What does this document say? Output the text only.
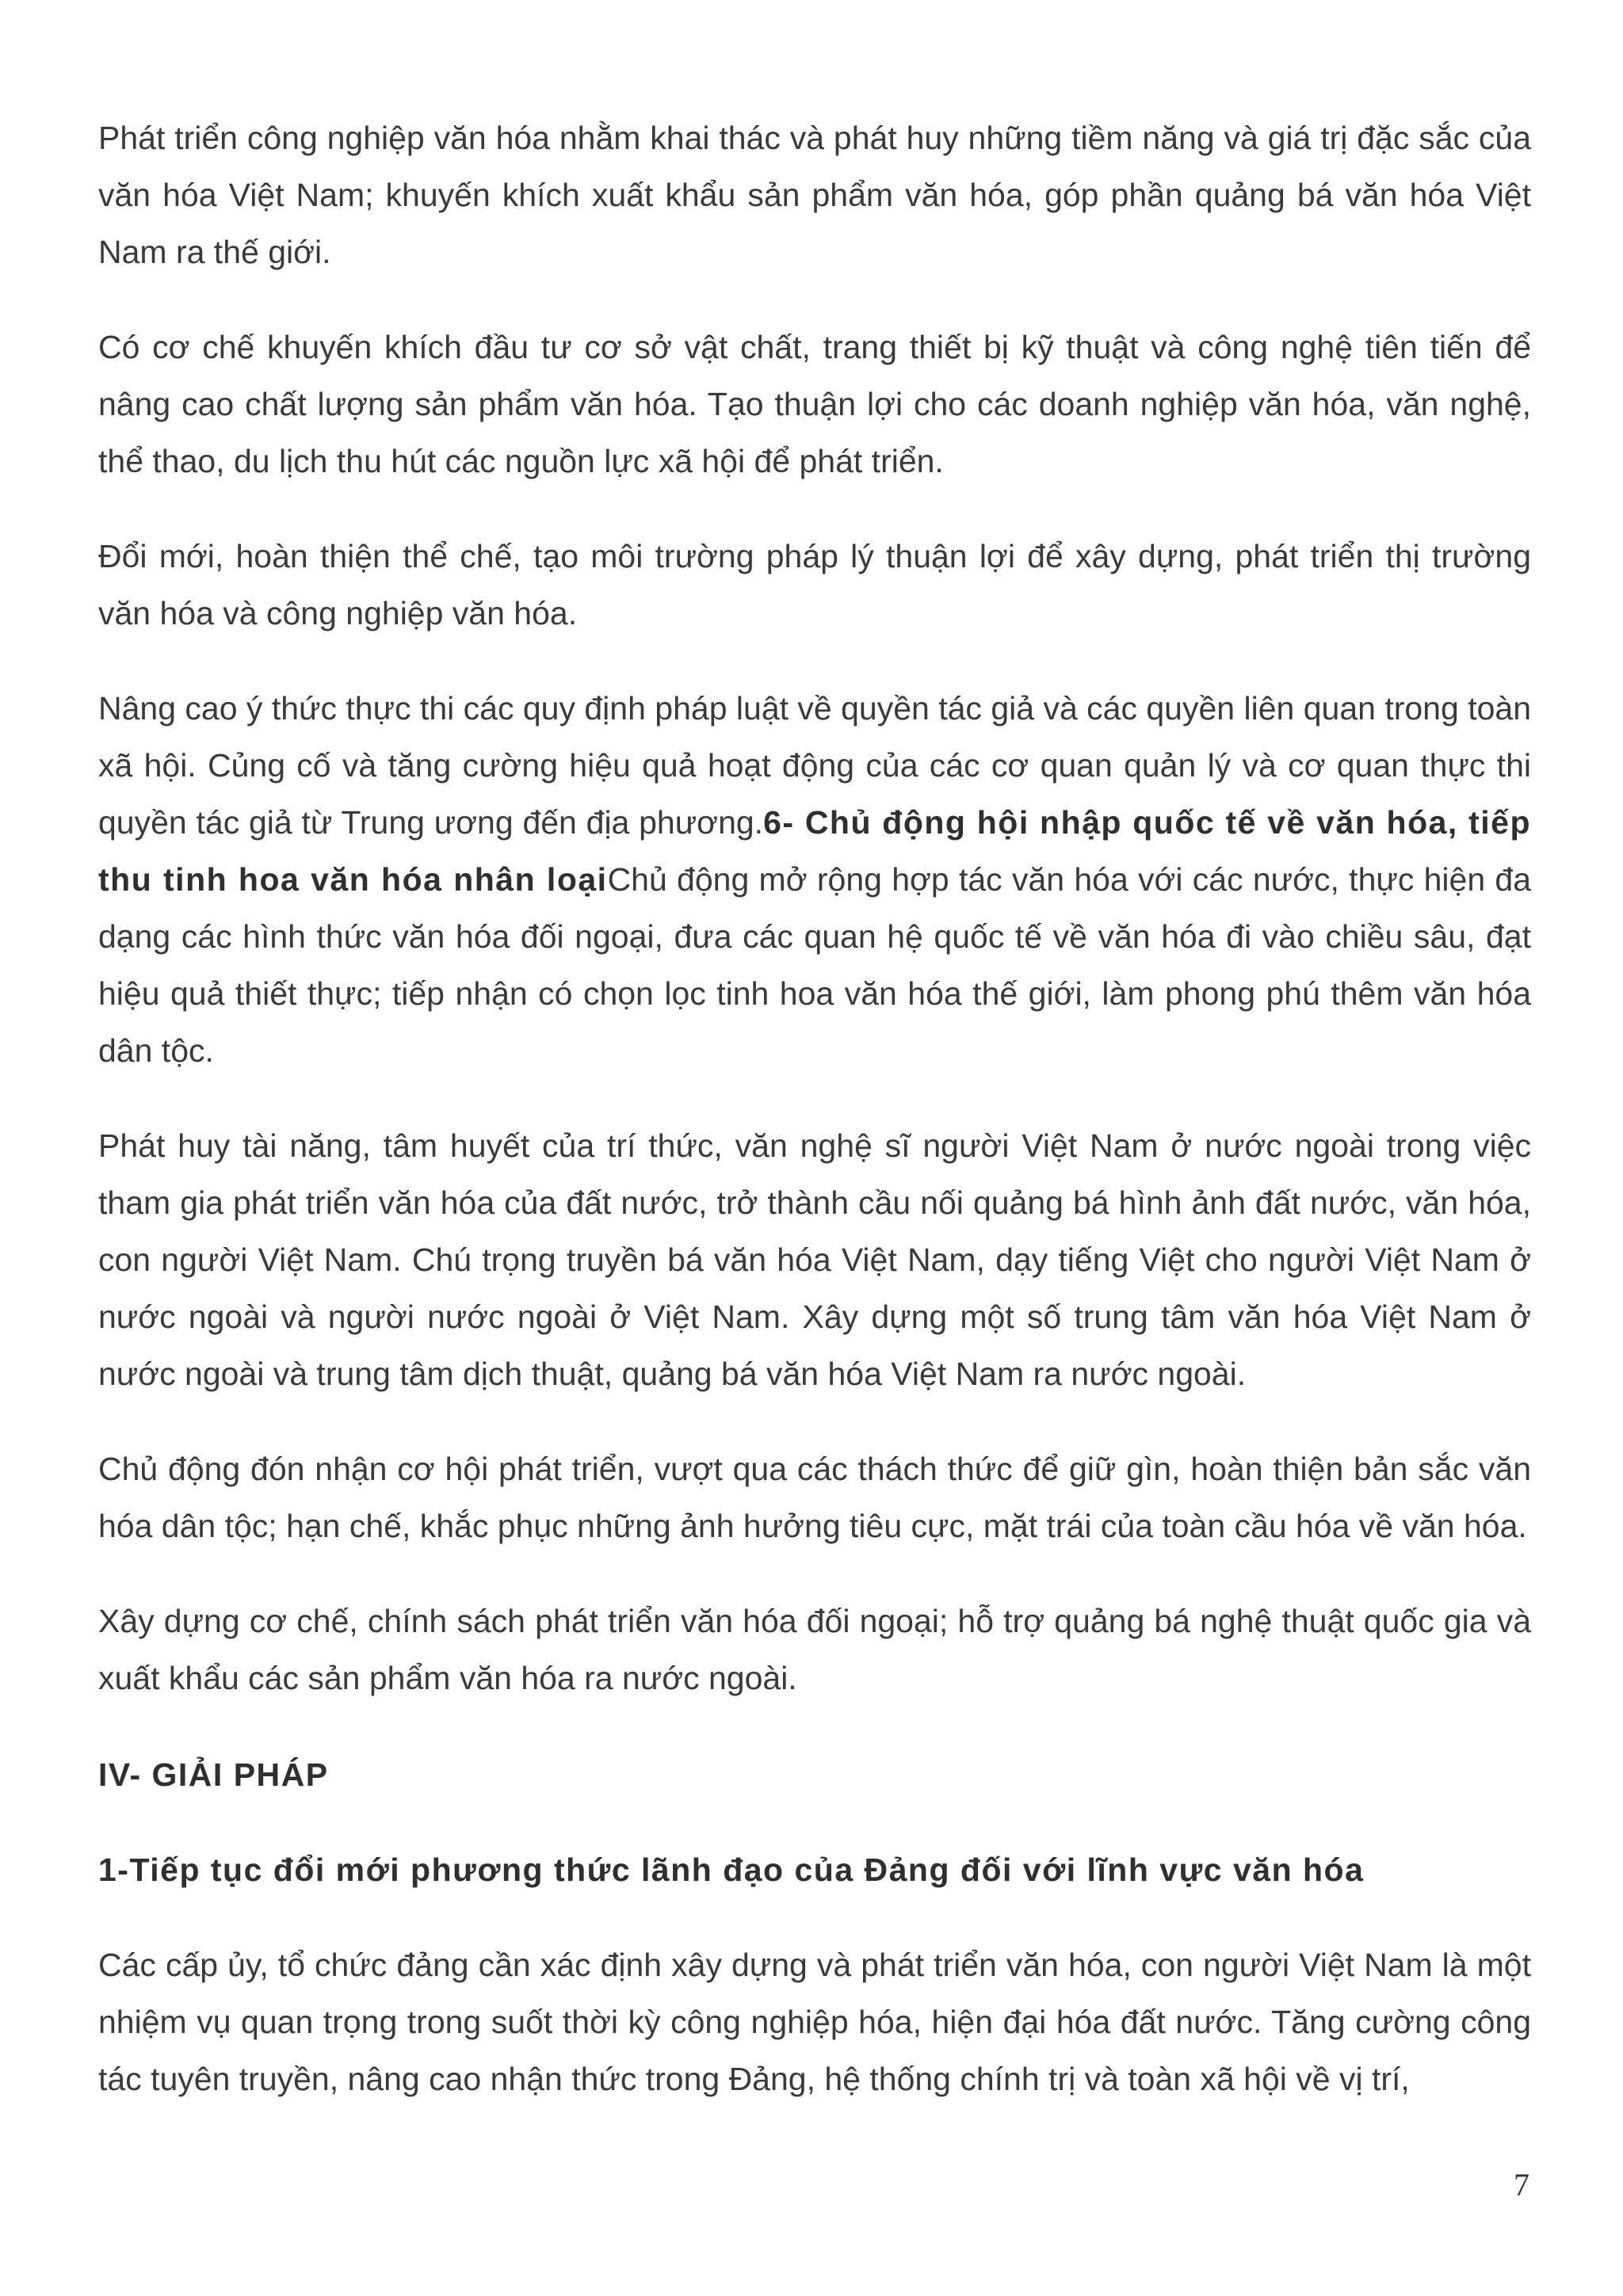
Phát triển công nghiệp văn hóa nhằm khai thác và phát huy những tiềm năng và giá trị đặc sắc của văn hóa Việt Nam; khuyến khích xuất khẩu sản phẩm văn hóa, góp phần quảng bá văn hóa Việt Nam ra thế giới.

Có cơ chế khuyến khích đầu tư cơ sở vật chất, trang thiết bị kỹ thuật và công nghệ tiên tiến để nâng cao chất lượng sản phẩm văn hóa. Tạo thuận lợi cho các doanh nghiệp văn hóa, văn nghệ, thể thao, du lịch thu hút các nguồn lực xã hội để phát triển.

Đổi mới, hoàn thiện thể chế, tạo môi trường pháp lý thuận lợi để xây dựng, phát triển thị trường văn hóa và công nghiệp văn hóa.

Nâng cao ý thức thực thi các quy định pháp luật về quyền tác giả và các quyền liên quan trong toàn xã hội. Củng cố và tăng cường hiệu quả hoạt động của các cơ quan quản lý và cơ quan thực thi quyền tác giả từ Trung ương đến địa phương.6- Chủ động hội nhập quốc tế về văn hóa, tiếp thu tinh hoa văn hóa nhân loạiChủ động mở rộng hợp tác văn hóa với các nước, thực hiện đa dạng các hình thức văn hóa đối ngoại, đưa các quan hệ quốc tế về văn hóa đi vào chiều sâu, đạt hiệu quả thiết thực; tiếp nhận có chọn lọc tinh hoa văn hóa thế giới, làm phong phú thêm văn hóa dân tộc.

Phát huy tài năng, tâm huyết của trí thức, văn nghệ sĩ người Việt Nam ở nước ngoài trong việc tham gia phát triển văn hóa của đất nước, trở thành cầu nối quảng bá hình ảnh đất nước, văn hóa, con người Việt Nam. Chú trọng truyền bá văn hóa Việt Nam, dạy tiếng Việt cho người Việt Nam ở nước ngoài và người nước ngoài ở Việt Nam. Xây dựng một số trung tâm văn hóa Việt Nam ở nước ngoài và trung tâm dịch thuật, quảng bá văn hóa Việt Nam ra nước ngoài.

Chủ động đón nhận cơ hội phát triển, vượt qua các thách thức để giữ gìn, hoàn thiện bản sắc văn hóa dân tộc; hạn chế, khắc phục những ảnh hưởng tiêu cực, mặt trái của toàn cầu hóa về văn hóa.

Xây dựng cơ chế, chính sách phát triển văn hóa đối ngoại; hỗ trợ quảng bá nghệ thuật quốc gia và xuất khẩu các sản phẩm văn hóa ra nước ngoài.

IV- GIẢI PHÁP
1-Tiếp tục đổi mới phương thức lãnh đạo của Đảng đối với lĩnh vực văn hóa

Các cấp ủy, tổ chức đảng cần xác định xây dựng và phát triển văn hóa, con người Việt Nam là một nhiệm vụ quan trọng trong suốt thời kỳ công nghiệp hóa, hiện đại hóa đất nước. Tăng cường công tác tuyên truyền, nâng cao nhận thức trong Đảng, hệ thống chính trị và toàn xã hội về vị trí,

7
